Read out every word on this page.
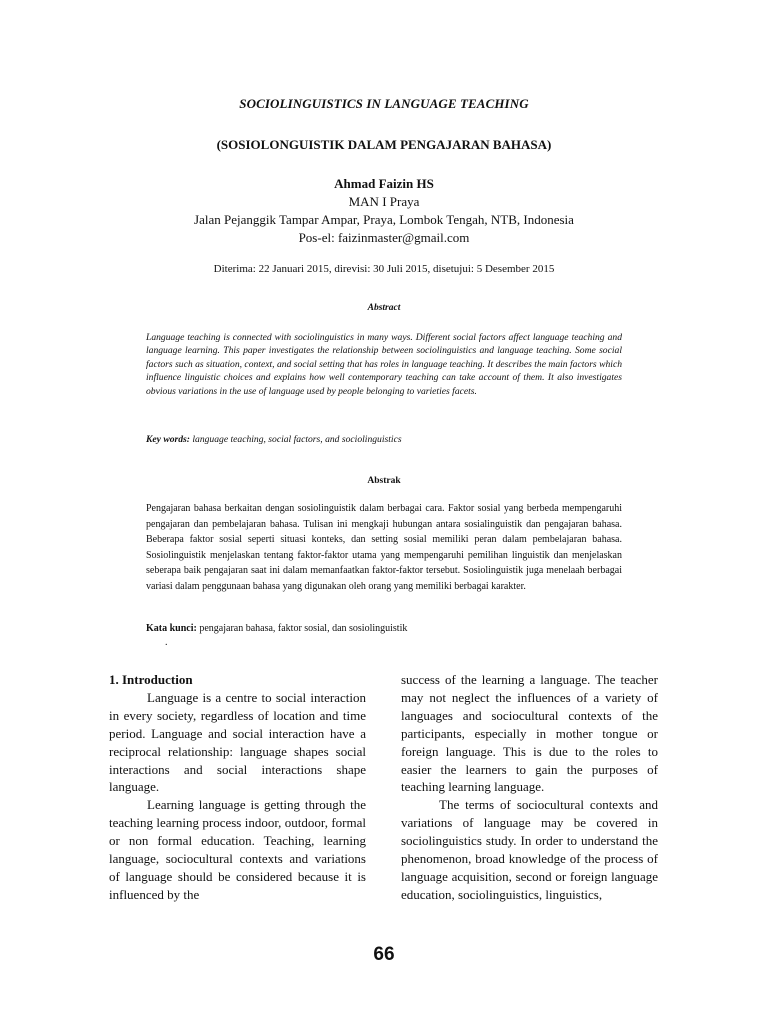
SOCIOLINGUISTICS IN LANGUAGE TEACHING
(SOSIOLONGUISTIK DALAM PENGAJARAN BAHASA)
Ahmad Faizin HS
MAN I Praya
Jalan Pejanggik Tampar Ampar, Praya, Lombok Tengah, NTB, Indonesia
Pos-el: faizinmaster@gmail.com
Diterima: 22 Januari 2015, direvisi: 30 Juli 2015, disetujui: 5 Desember 2015
Abstract
Language teaching is connected with sociolinguistics in many ways. Different social factors affect language teaching and language learning. This paper investigates the relationship between sociolinguistics and language teaching. Some social factors such as situation, context, and social setting that has roles in language teaching. It describes the main factors which influence linguistic choices and explains how well contemporary teaching can take account of them. It also investigates obvious variations in the use of language used by people belonging to varieties facets.
Key words: language teaching, social factors, and sociolinguistics
Abstrak
Pengajaran bahasa berkaitan dengan sosiolinguistik dalam berbagai cara. Faktor sosial yang berbeda mempengaruhi pengajaran dan pembelajaran bahasa. Tulisan ini mengkaji hubungan antara sosialinguistik dan pengajaran bahasa. Beberapa faktor sosial seperti situasi konteks, dan setting sosial memiliki peran dalam pembelajaran bahasa. Sosiolinguistik menjelaskan tentang faktor-faktor utama yang mempengaruhi pemilihan linguistik dan menjelaskan seberapa baik pengajaran saat ini dalam memanfaatkan faktor-faktor tersebut. Sosiolinguistik juga menelaah berbagai variasi dalam penggunaan bahasa yang digunakan oleh orang yang memiliki berbagai karakter.
Kata kunci: pengajaran bahasa, faktor sosial, dan sosiolinguistik
.

1. Introduction

Language is a centre to social interaction in every society, regardless of location and time period. Language and social interaction have a reciprocal relationship: language shapes social interactions and social interactions shape language.

Learning language is getting through the teaching learning process indoor, outdoor, formal or non formal education. Teaching, learning language, sociocultural contexts and variations of language should be considered because it is influenced by the

success of the learning a language. The teacher may not neglect the influences of a variety of languages and sociocultural contexts of the participants, especially in mother tongue or foreign language. This is due to the roles to easier the learners to gain the purposes of teaching learning language.

The terms of sociocultural contexts and variations of language may be covered in sociolinguistics study. In order to understand the phenomenon, broad knowledge of the process of language acquisition, second or foreign language education, sociolinguistics, linguistics,

66
